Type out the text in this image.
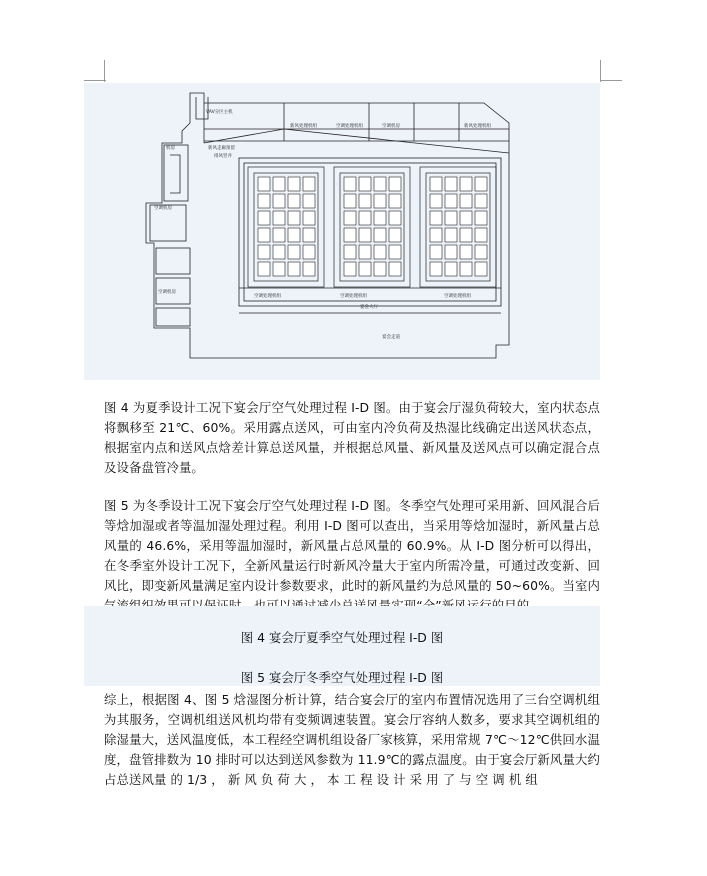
VAV分区主机
机房
空调机房
空调机房
新风走廊预留
排风竖井
新风处理机组	空调处理机组	空调机房	新风处理机组
空调处理机组	空调处理机组	空调处理机组
宴会大厅
宴会走道

图 4 为夏季设计工况下宴会厅空气处理过程 I-D 图。由于宴会厅湿负荷较大，室内状态点将飘移至 21℃、60%。采用露点送风，可由室内冷负荷及热湿比线确定出送风状态点，根据室内点和送风点焓差计算总送风量，并根据总风量、新风量及送风点可以确定混合点及设备盘管冷量。

图 5 为冬季设计工况下宴会厅空气处理过程 I-D 图。冬季空气处理可采用新、回风混合后等焓加湿或者等温加湿处理过程。利用 I-D 图可以查出，当采用等焓加湿时，新风量占总风量的 46.6%，采用等温加湿时，新风量占总风量的 60.9%。从 I-D 图分析可以得出，在冬季室外设计工况下，全新风量运行时新风冷量大于室内所需冷量，可通过改变新、回风比，即变新风量满足室内设计参数要求，此时的新风量约为总风量的 50~60%。当室内

图 4 宴会厅夏季空气处理过程 I-D 图

图 5 宴会厅冬季空气处理过程 I-D 图

综上，根据图 4、图 5 焓湿图分析计算，结合宴会厅的室内布置情况选用了三台空调机组为其服务，空调机组送风机均带有变频调速装置。宴会厅容纳人数多，要求其空调机组的除湿量大，送风温度低，本工程经空调机组设备厂家核算，采用常规 7℃～12℃供回水温度，盘管排数为 10 排时可以达到送风参数为 11.9℃的露点温度。由于宴会厅新风量大约占总送风量 的 1/3 ， 新 风 负 荷 大 ， 本 工 程 设 计 采 用 了 与 空 调 机 组
